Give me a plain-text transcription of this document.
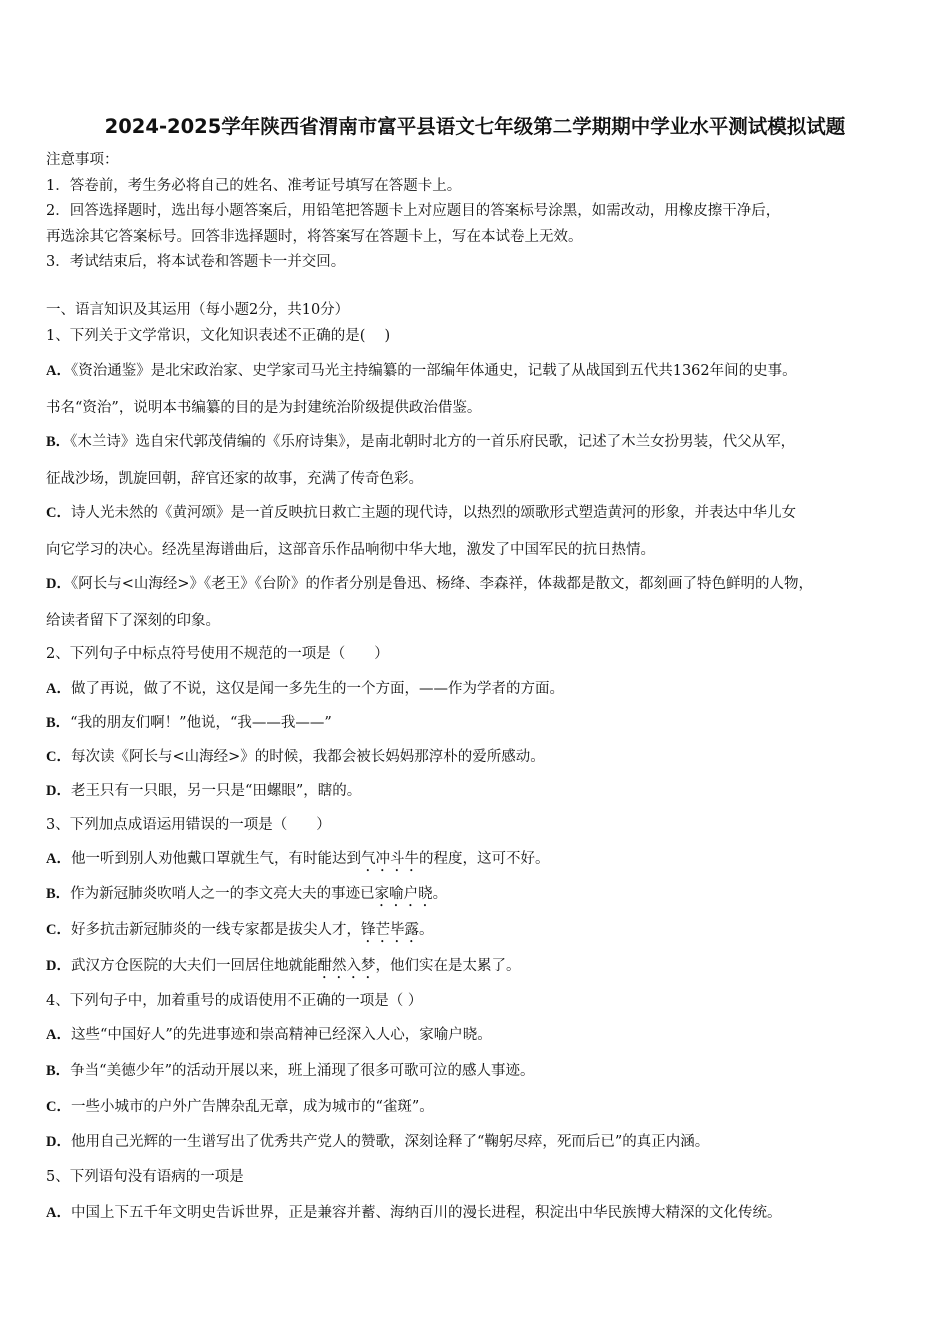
2024-2025学年陕西省渭南市富平县语文七年级第二学期期中学业水平测试模拟试题
注意事项：
1．答卷前，考生务必将自己的姓名、准考证号填写在答题卡上。
2．回答选择题时，选出每小题答案后，用铅笔把答题卡上对应题目的答案标号涂黑，如需改动，用橡皮擦干净后，
再选涂其它答案标号。回答非选择题时，将答案写在答题卡上，写在本试卷上无效。
3．考试结束后，将本试卷和答题卡一并交回。
一、语言知识及其运用（每小题2分，共10分）
1、下列关于文学常识，文化知识表述不正确的是(　 )
A．《资治通鉴》是北宋政治家、史学家司马光主持编纂的一部编年体通史，记载了从战国到五代共1362年间的史事。
书名“资治”，说明本书编纂的目的是为封建统治阶级提供政治借鉴。
B．《木兰诗》选自宋代郭茂倩编的《乐府诗集》，是南北朝时北方的一首乐府民歌，记述了木兰女扮男装，代父从军，
征战沙场，凯旋回朝，辞官还家的故事，充满了传奇色彩。
C．诗人光未然的《黄河颂》是一首反映抗日救亡主题的现代诗，以热烈的颂歌形式塑造黄河的形象，并表达中华儿女
向它学习的决心。经冼星海谱曲后，这部音乐作品响彻中华大地，激发了中国军民的抗日热情。
D．《阿长与<山海经>》《老王》《台阶》的作者分别是鲁迅、杨绛、李森祥，体裁都是散文，都刻画了特色鲜明的人物，
给读者留下了深刻的印象。
2、下列句子中标点符号使用不规范的一项是（　　）
A．做了再说，做了不说，这仅是闻一多先生的一个方面，——作为学者的方面。
B．“我的朋友们啊！”他说，“我——我——”
C．每次读《阿长与<山海经>》的时候，我都会被长妈妈那淳朴的爱所感动。
D．老王只有一只眼，另一只是“田螺眼”，瞎的。
3、下列加点成语运用错误的一项是（　　）
A．他一听到别人劝他戴口罩就生气，有时能达到气冲斗牛的程度，这可不好。
B．作为新冠肺炎吹哨人之一的李文亮大夫的事迹已家喻户晓。
C．好多抗击新冠肺炎的一线专家都是拔尖人才，锋芒毕露。
D．武汉方仓医院的大夫们一回居住地就能酣然入梦，他们实在是太累了。
4、下列句子中，加着重号的成语使用不正确的一项是（ ）
A．这些“中国好人”的先进事迹和崇高精神已经深入人心，家喻户晓。
B．争当“美德少年”的活动开展以来，班上涌现了很多可歌可泣的感人事迹。
C．一些小城市的户外广告牌杂乱无章，成为城市的“雀斑”。
D．他用自己光辉的一生谱写出了优秀共产党人的赞歌，深刻诠释了“鞠躬尽瘁，死而后已”的真正内涵。
5、下列语句没有语病的一项是
A．中国上下五千年文明史告诉世界，正是兼容并蓄、海纳百川的漫长进程，积淀出中华民族博大精深的文化传统。
